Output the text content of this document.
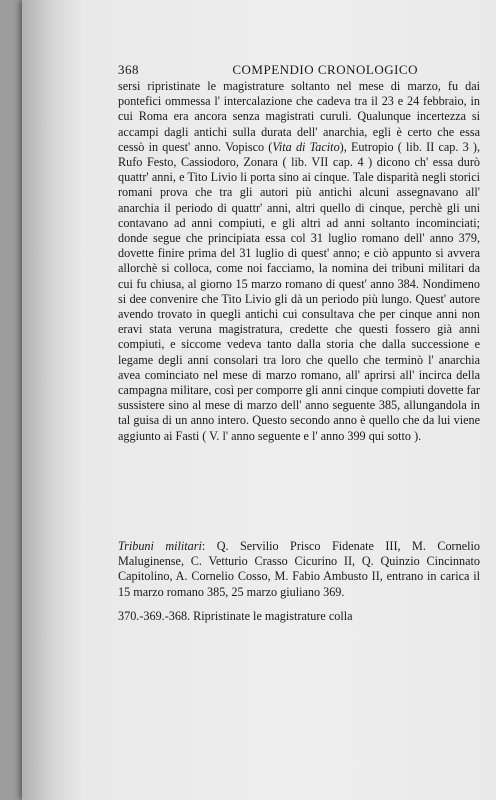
368	COMPENDIO CRONOLOGICO

sersi ripristinate le magistrature soltanto nel mese di marzo, fu dai pontefici ommessa l' intercalazione che cadeva tra il 23 e 24 febbraio, in cui Roma era ancora senza magistrati curuli. Qualunque incertezza si accampi dagli antichi sulla durata dell' anarchia, egli è certo che essa cessò in quest' anno. Vopisco (Vita di Tacito), Eutropio ( lib. II cap. 3 ), Rufo Festo, Cassiodoro, Zonara ( lib. VII cap. 4 ) dicono ch' essa durò quattr' anni, e Tito Livio li porta sino ai cinque. Tale disparità negli storici romani prova che tra gli autori più antichi alcuni assegnavano all' anarchia il periodo di quattr' anni, altri quello di cinque, perchè gli uni contavano ad anni compiuti, e gli altri ad anni soltanto incominciati; donde segue che principiata essa col 31 luglio romano dell' anno 379, dovette finire prima del 31 luglio di quest' anno; e ciò appunto si avvera allorchè si colloca, come noi facciamo, la nomina dei tribuni militari da cui fu chiusa, al giorno 15 marzo romano di quest' anno 384. Nondimeno si dee convenire che Tito Livio gli dà un periodo più lungo. Quest' autore avendo trovato in quegli antichi cui consultava che per cinque anni non eravi stata veruna magistratura, credette che questi fossero già anni compiuti, e siccome vedeva tanto dalla storia che dalla successione e legame degli anni consolari tra loro che quello che terminò l' anarchia avea cominciato nel mese di marzo romano, all' aprirsi all' incirca della campagna militare, così per comporre gli anni cinque compiuti dovette far sussistere sino al mese di marzo dell' anno seguente 385, allungandola in tal guisa di un anno intero. Questo secondo anno è quello che da lui viene aggiunto ai Fasti ( V. l' anno seguente e l' anno 399 qui sotto ).

Tribuni militari: Q. Servilio Prisco Fidenate III, M. Cornelio Maluginense, C. Vetturio Crasso Cicurino II, Q. Quinzio Cincinnato Capitolino, A. Cornelio Cosso, M. Fabio Ambusto II, entrano in carica il 15 marzo romano 385, 25 marzo giuliano 369.

370.-369.-368. Ripristinate le magistrature colla
